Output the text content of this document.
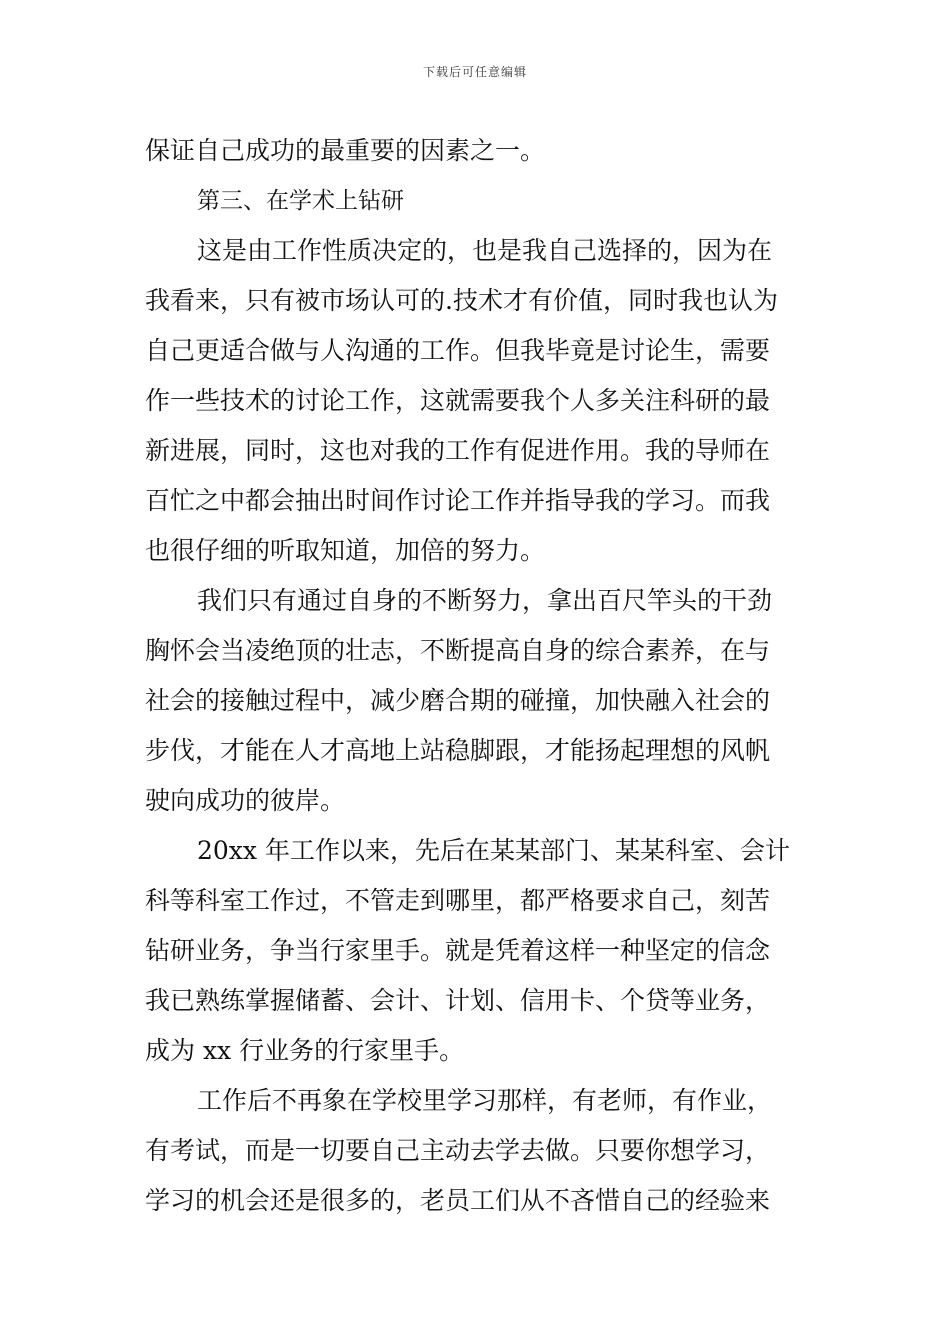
下载后可任意编辑
保证自己成功的最重要的因素之一。
第三、在学术上钻研
这是由工作性质决定的，也是我自己选择的，因为在
我看来，只有被市场认可的.技术才有价值，同时我也认为
自己更适合做与人沟通的工作。但我毕竟是讨论生，需要
作一些技术的讨论工作，这就需要我个人多关注科研的最
新进展，同时，这也对我的工作有促进作用。我的导师在
百忙之中都会抽出时间作讨论工作并指导我的学习。而我
也很仔细的听取知道，加倍的努力。
我们只有通过自身的不断努力，拿出百尺竿头的干劲
胸怀会当凌绝顶的壮志，不断提高自身的综合素养，在与
社会的接触过程中，减少磨合期的碰撞，加快融入社会的
步伐，才能在人才高地上站稳脚跟，才能扬起理想的风帆
驶向成功的彼岸。
20xx 年工作以来，先后在某某部门、某某科室、会计
科等科室工作过，不管走到哪里，都严格要求自己，刻苦
钻研业务，争当行家里手。就是凭着这样一种坚定的信念
我已熟练掌握储蓄、会计、计划、信用卡、个贷等业务，
成为 xx 行业务的行家里手。
工作后不再象在学校里学习那样，有老师，有作业，
有考试，而是一切要自己主动去学去做。只要你想学习，
学习的机会还是很多的，老员工们从不吝惜自己的经验来
